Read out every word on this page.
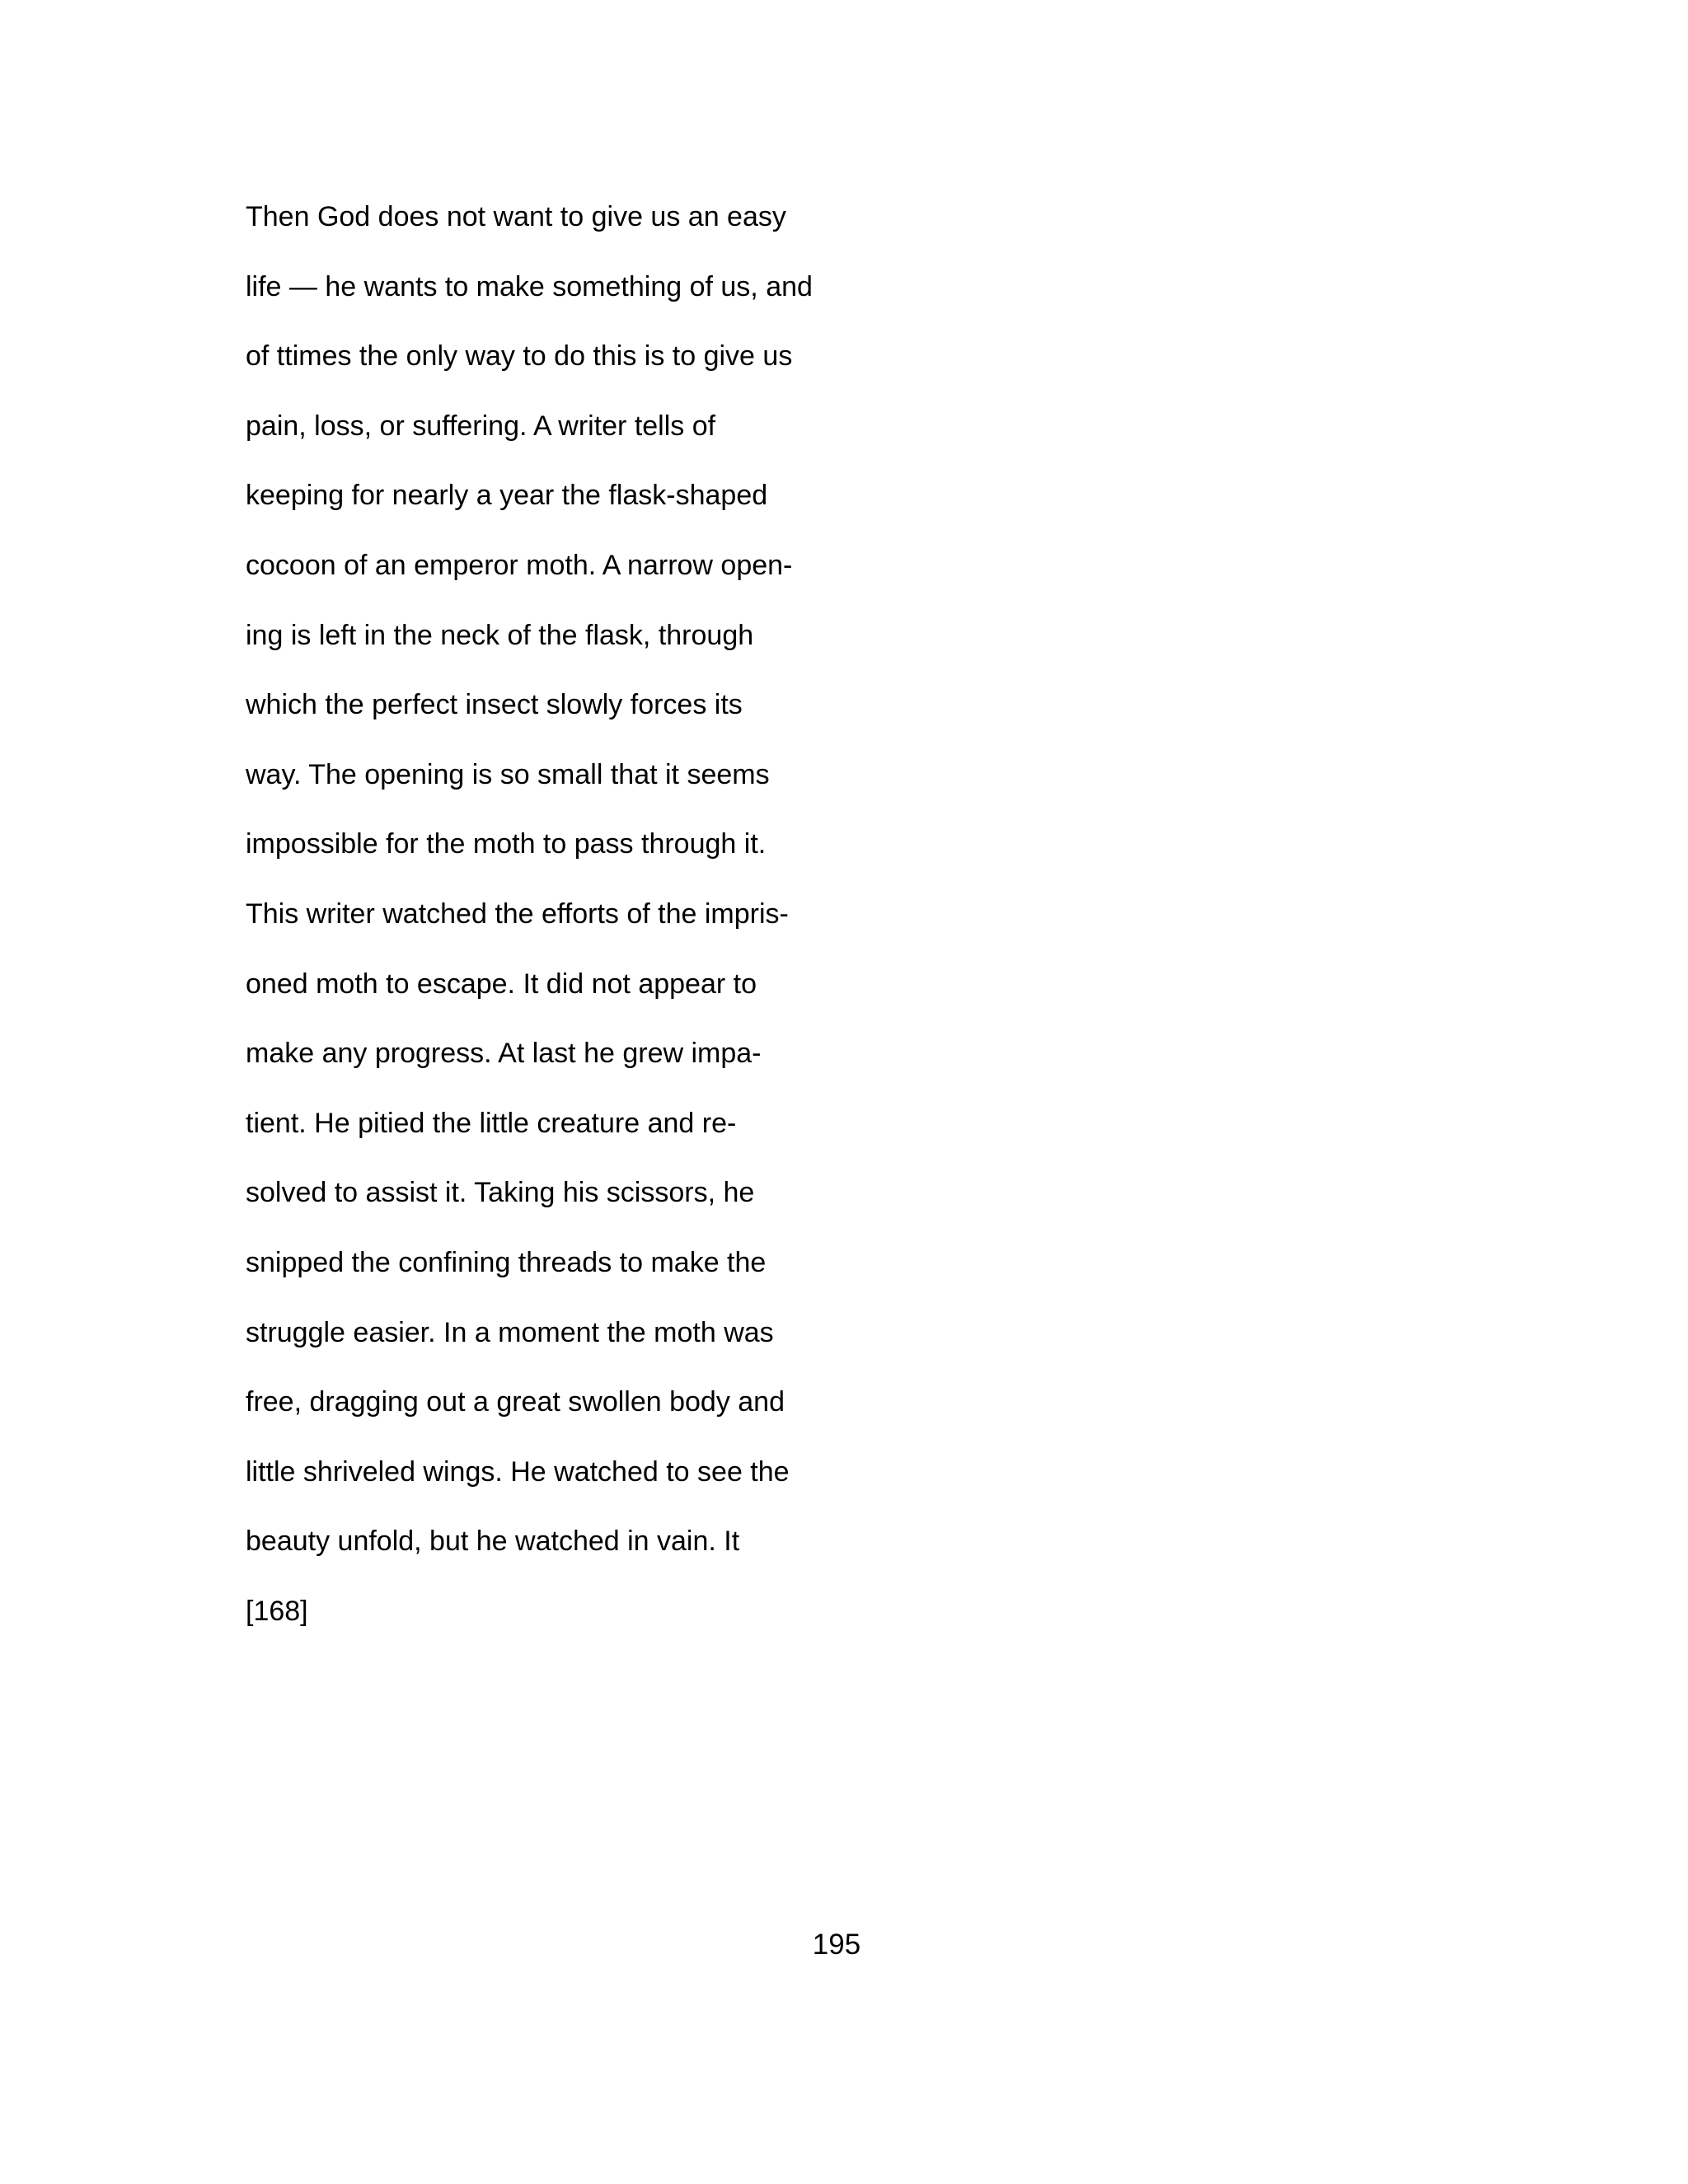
Then God does not want to give us an easy
life — he wants to make something of us, and
of ttimes the only way to do this is to give us
pain, loss, or suffering. A writer tells of
keeping for nearly a year the flask-shaped
cocoon of an emperor moth. A narrow open-
ing is left in the neck of the flask, through
which the perfect insect slowly forces its
way. The opening is so small that it seems
impossible for the moth to pass through it.
This writer watched the efforts of the impris-
oned moth to escape. It did not appear to
make any progress. At last he grew impa-
tient. He pitied the little creature and re-
solved to assist it. Taking his scissors, he
snipped the confining threads to make the
struggle easier. In a moment the moth was
free, dragging out a great swollen body and
little shriveled wings. He watched to see the
beauty unfold, but he watched in vain. It
[168]
195
